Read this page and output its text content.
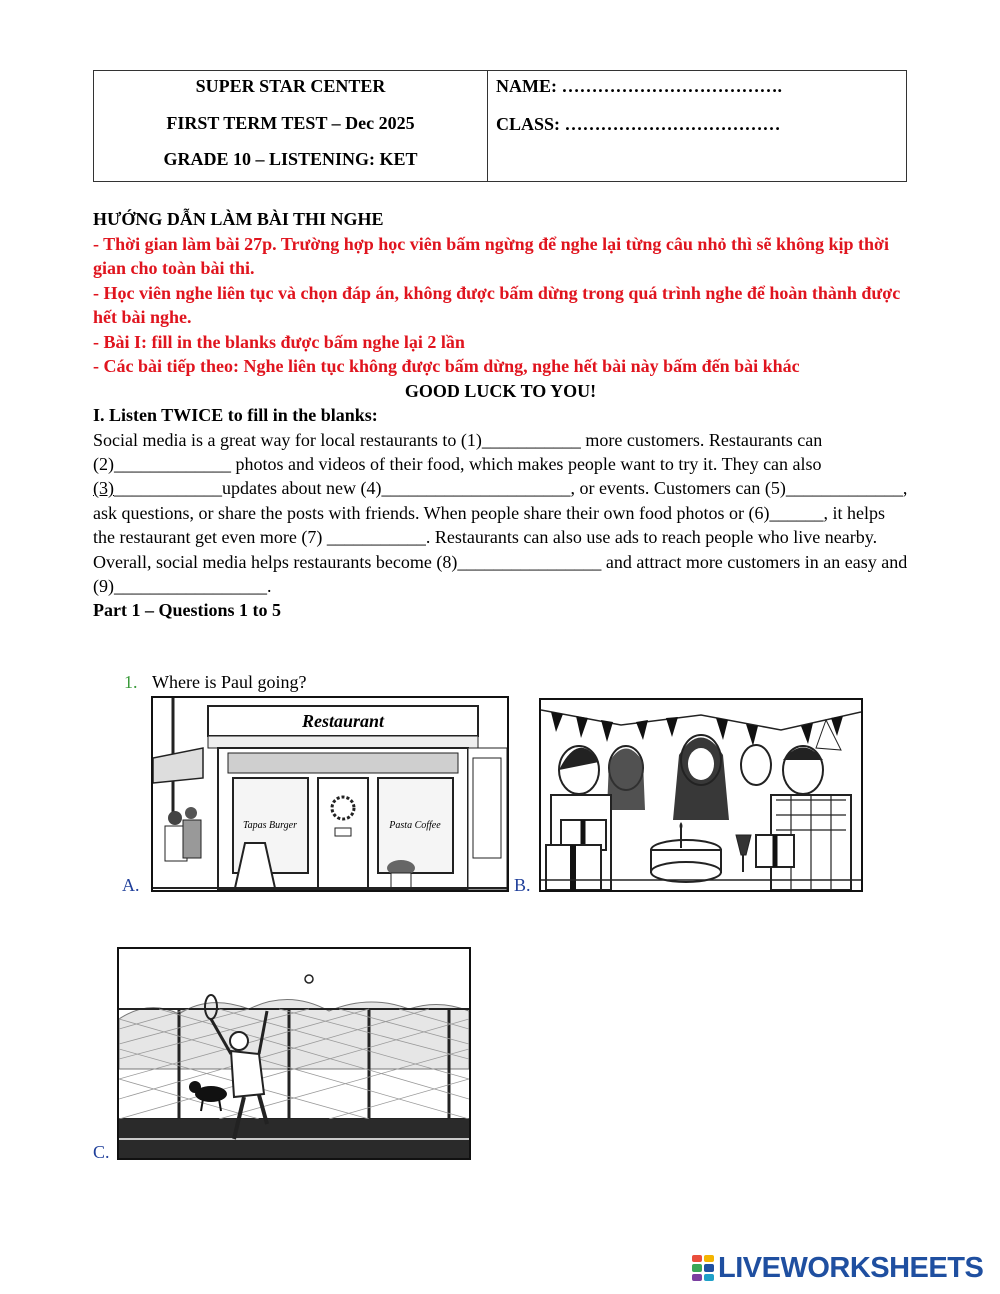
SUPER STAR CENTER
FIRST TERM TEST – Dec 2025
GRADE 10 – LISTENING: KET
NAME: ……………………………….
CLASS: ………………………………
HƯỚNG DẪN LÀM BÀI THI NGHE
- Thời gian làm bài 27p. Trường hợp học viên bấm ngừng để nghe lại từng câu nhỏ thì sẽ không kịp thời gian cho toàn bài thi.
- Học viên nghe liên tục và chọn đáp án, không được bấm dừng trong quá trình nghe để hoàn thành được hết bài nghe.
- Bài I: fill in the blanks được bấm nghe lại 2 lần
- Các bài tiếp theo: Nghe liên tục không được bấm dừng, nghe hết bài này bấm đến bài khác
GOOD LUCK TO YOU!
I. Listen TWICE to fill in the blanks:
Social media is a great way for local restaurants to (1)___________ more customers. Restaurants can (2)_____________ photos and videos of their food, which makes people want to try it. They can also (3)____________updates about new (4)_____________________, or events. Customers can (5)_____________, ask questions, or share the posts with friends. When people share their own food photos or (6)______, it helps the restaurant get even more (7) ___________. Restaurants can also use ads to reach people who live nearby. Overall, social media helps restaurants become (8)________________ and attract more customers in an easy and (9)_________________.
Part 1 – Questions 1 to 5
1. Where is Paul going?
A.
Restaurant
Tapas Burger	Pasta Coffee
B.
C.
LIVEWORKSHEETS
